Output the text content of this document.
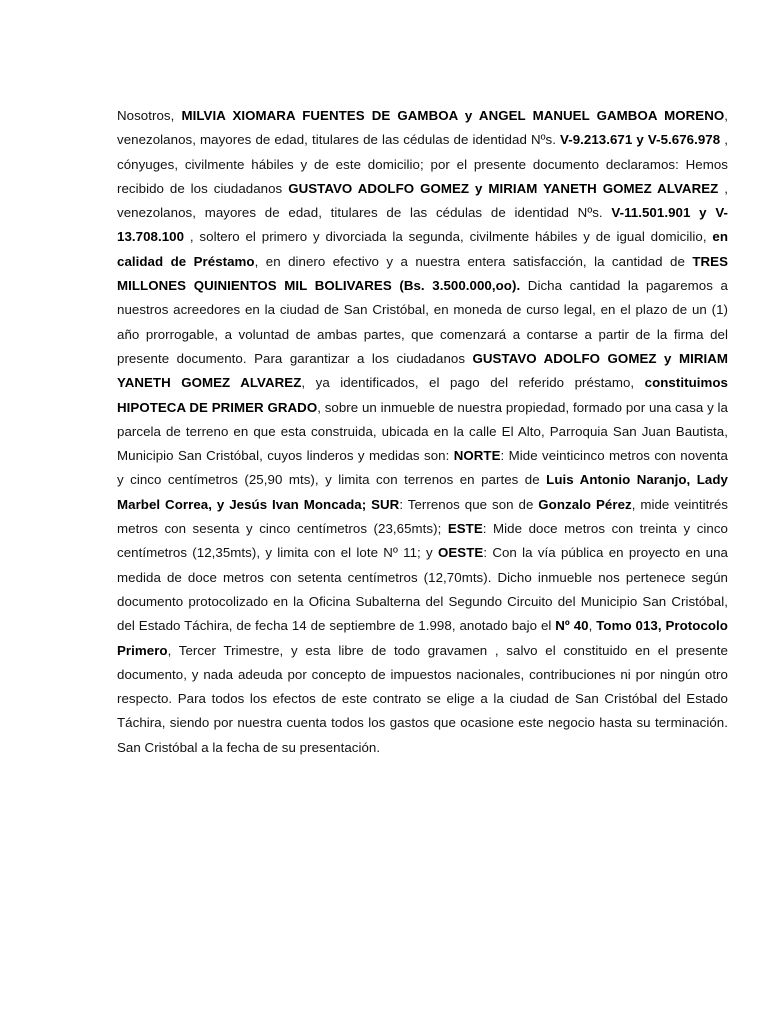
Nosotros, MILVIA XIOMARA FUENTES DE GAMBOA y ANGEL MANUEL GAMBOA MORENO, venezolanos, mayores de edad, titulares de las cédulas de identidad Nºs. V-9.213.671 y V-5.676.978 , cónyuges, civilmente hábiles y de este domicilio; por el presente documento declaramos: Hemos recibido de los ciudadanos GUSTAVO ADOLFO GOMEZ y MIRIAM YANETH GOMEZ ALVAREZ , venezolanos, mayores de edad, titulares de las cédulas de identidad Nºs. V-11.501.901 y V-13.708.100 , soltero el primero y divorciada la segunda, civilmente hábiles y de igual domicilio, en calidad de Préstamo, en dinero efectivo y a nuestra entera satisfacción, la cantidad de TRES MILLONES QUINIENTOS MIL BOLIVARES (Bs. 3.500.000,oo). Dicha cantidad la pagaremos a nuestros acreedores en la ciudad de San Cristóbal, en moneda de curso legal, en el plazo de un (1) año prorrogable, a voluntad de ambas partes, que comenzará a contarse a partir de la firma del presente documento. Para garantizar a los ciudadanos GUSTAVO ADOLFO GOMEZ y MIRIAM YANETH GOMEZ ALVAREZ, ya identificados, el pago del referido préstamo, constituimos HIPOTECA DE PRIMER GRADO, sobre un inmueble de nuestra propiedad, formado por una casa y la parcela de terreno en que esta construida, ubicada en la calle El Alto, Parroquia San Juan Bautista, Municipio San Cristóbal, cuyos linderos y medidas son: NORTE: Mide veinticinco metros con noventa y cinco centímetros (25,90 mts), y limita con terrenos en partes de Luis Antonio Naranjo, Lady Marbel Correa, y Jesús Ivan Moncada; SUR: Terrenos que son de Gonzalo Pérez, mide veintitrés metros con sesenta y cinco centímetros (23,65mts); ESTE: Mide doce metros con treinta y cinco centímetros (12,35mts), y limita con el lote Nº 11; y OESTE: Con la vía pública en proyecto en una medida de doce metros con setenta centímetros (12,70mts). Dicho inmueble nos pertenece según documento protocolizado en la Oficina Subalterna del Segundo Circuito del Municipio San Cristóbal, del Estado Táchira, de fecha 14 de septiembre de 1.998, anotado bajo el Nº 40, Tomo 013, Protocolo Primero, Tercer Trimestre, y esta libre de todo gravamen , salvo el constituido en el presente documento, y nada adeuda por concepto de impuestos nacionales, contribuciones ni por ningún otro respecto. Para todos los efectos de este contrato se elige a la ciudad de San Cristóbal del Estado Táchira, siendo por nuestra cuenta todos los gastos que ocasione este negocio hasta su terminación. San Cristóbal a la fecha de su presentación.
